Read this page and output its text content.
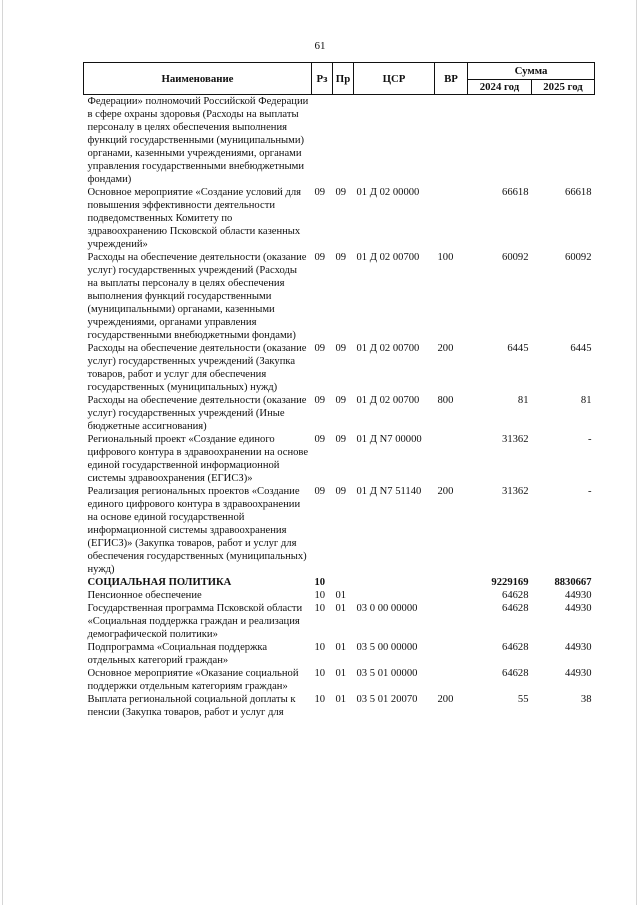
61
Наименование	Рз	Пр	ЦСР	ВР	Сумма	
					2024 год	2025 год
Федерации» полномочий Российской Федерации в сфере охраны здоровья (Расходы на выплаты персоналу в целях обеспечения выполнения функций государственными (муниципальными) органами, казенными учреждениями, органами управления государственными внебюджетными фондами)						
Основное мероприятие «Создание условий для повышения эффективности деятельности подведомственных Комитету по здравоохранению Псковской области казенных учреждений»	09	09	01 Д 02 00000		66618	66618
Расходы на обеспечение деятельности (оказание услуг) государственных учреждений (Расходы на выплаты персоналу в целях обеспечения выполнения функций государственными (муниципальными) органами, казенными учреждениями, органами управления государственными внебюджетными фондами)	09	09	01 Д 02 00700	100	60092	60092
Расходы на обеспечение деятельности (оказание услуг) государственных учреждений (Закупка товаров, работ и услуг для обеспечения государственных (муниципальных) нужд)	09	09	01 Д 02 00700	200	6445	6445
Расходы на обеспечение деятельности (оказание услуг) государственных учреждений (Иные бюджетные ассигнования)	09	09	01 Д 02 00700	800	81	81
Региональный проект «Создание единого цифрового контура в здравоохранении на основе единой государственной информационной системы здравоохранения (ЕГИСЗ)»	09	09	01 Д N7 00000		31362	-
Реализация региональных проектов «Создание единого цифрового контура в здравоохранении на основе единой государственной информационной системы здравоохранения (ЕГИСЗ)» (Закупка товаров, работ и услуг для обеспечения государственных (муниципальных) нужд)	09	09	01 Д N7 51140	200	31362	-
СОЦИАЛЬНАЯ ПОЛИТИКА	10				9229169	8830667
Пенсионное обеспечение	10	01			64628	44930
Государственная программа Псковской области «Социальная поддержка граждан и реализация демографической политики»	10	01	03 0 00 00000		64628	44930
Подпрограмма «Социальная поддержка отдельных категорий граждан»	10	01	03 5 00 00000		64628	44930
Основное мероприятие «Оказание социальной поддержки отдельным категориям граждан»	10	01	03 5 01 00000		64628	44930
Выплата региональной социальной доплаты к пенсии (Закупка товаров, работ и услуг для	10	01	03 5 01 20070	200	55	38
